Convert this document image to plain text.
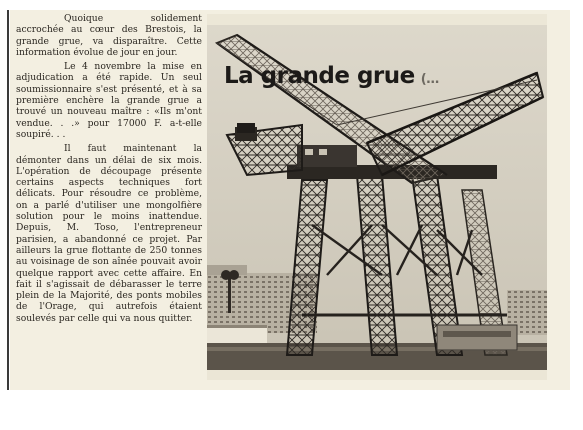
Quoique solidement accrochée au cœur des Brestois, la grande grue, va disparaître. Cette information évolue de jour en jour.

Le 4 novembre la mise en adjudication a été rapide. Un seul soumissionnaire s'est présenté, et à sa première enchère la grande grue a trouvé un nouveau maître : «Ils m'ont vendue. . .» pour 17000 F. a-t-elle soupiré. . .

Il faut maintenant la démonter dans un délai de six mois. L'opération de découpage présente certains aspects techniques fort délicats. Pour résoudre ce problème, on a parlé d'utiliser une mongolfière solution pour le moins inattendue. Depuis, M. Toso, l'entrepreneur parisien, a abandonné ce projet. Par ailleurs la grue flottante de 250 tonnes au voisinage de son aînée pouvait avoir quelque rapport avec cette affaire. En fait il s'agissait de débarasser le terre plein de la Majorité, des ponts mobiles de l'Orage, qui autrefois étaient soulevés par celle qui va nous quitter.

La grande grue (…
